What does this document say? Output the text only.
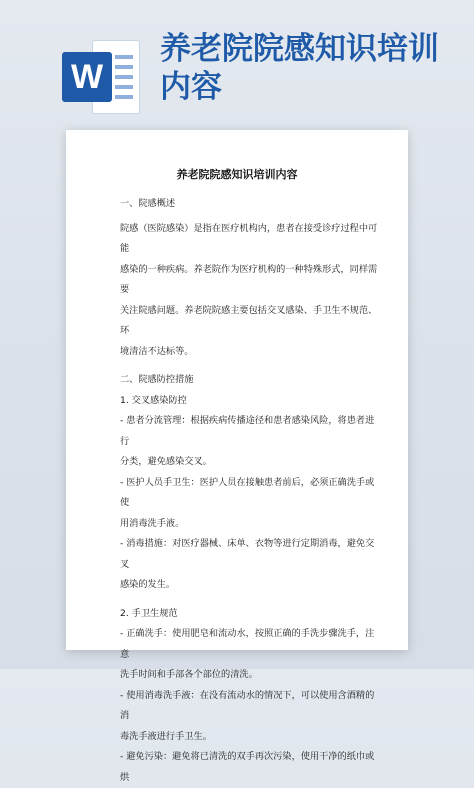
W
养老院院感知识培训内容
养老院院感知识培训内容

一、院感概述

院感（医院感染）是指在医疗机构内，患者在接受诊疗过程中可能

感染的一种疾病。养老院作为医疗机构的一种特殊形式，同样需要

关注院感问题。养老院院感主要包括交叉感染、手卫生不规范、环

境清洁不达标等。

二、院感防控措施

1. 交叉感染防控

- 患者分流管理：根据疾病传播途径和患者感染风险，将患者进行

分类，避免感染交叉。

- 医护人员手卫生：医护人员在接触患者前后，必须正确洗手或使

用消毒洗手液。

- 消毒措施：对医疗器械、床单、衣物等进行定期消毒，避免交叉

感染的发生。

2. 手卫生规范

- 正确洗手：使用肥皂和流动水，按照正确的手洗步骤洗手，注意

洗手时间和手部各个部位的清洗。

- 使用消毒洗手液：在没有流动水的情况下，可以使用含酒精的消

毒洗手液进行手卫生。

- 避免污染：避免将已清洗的双手再次污染，使用干净的纸巾或烘
